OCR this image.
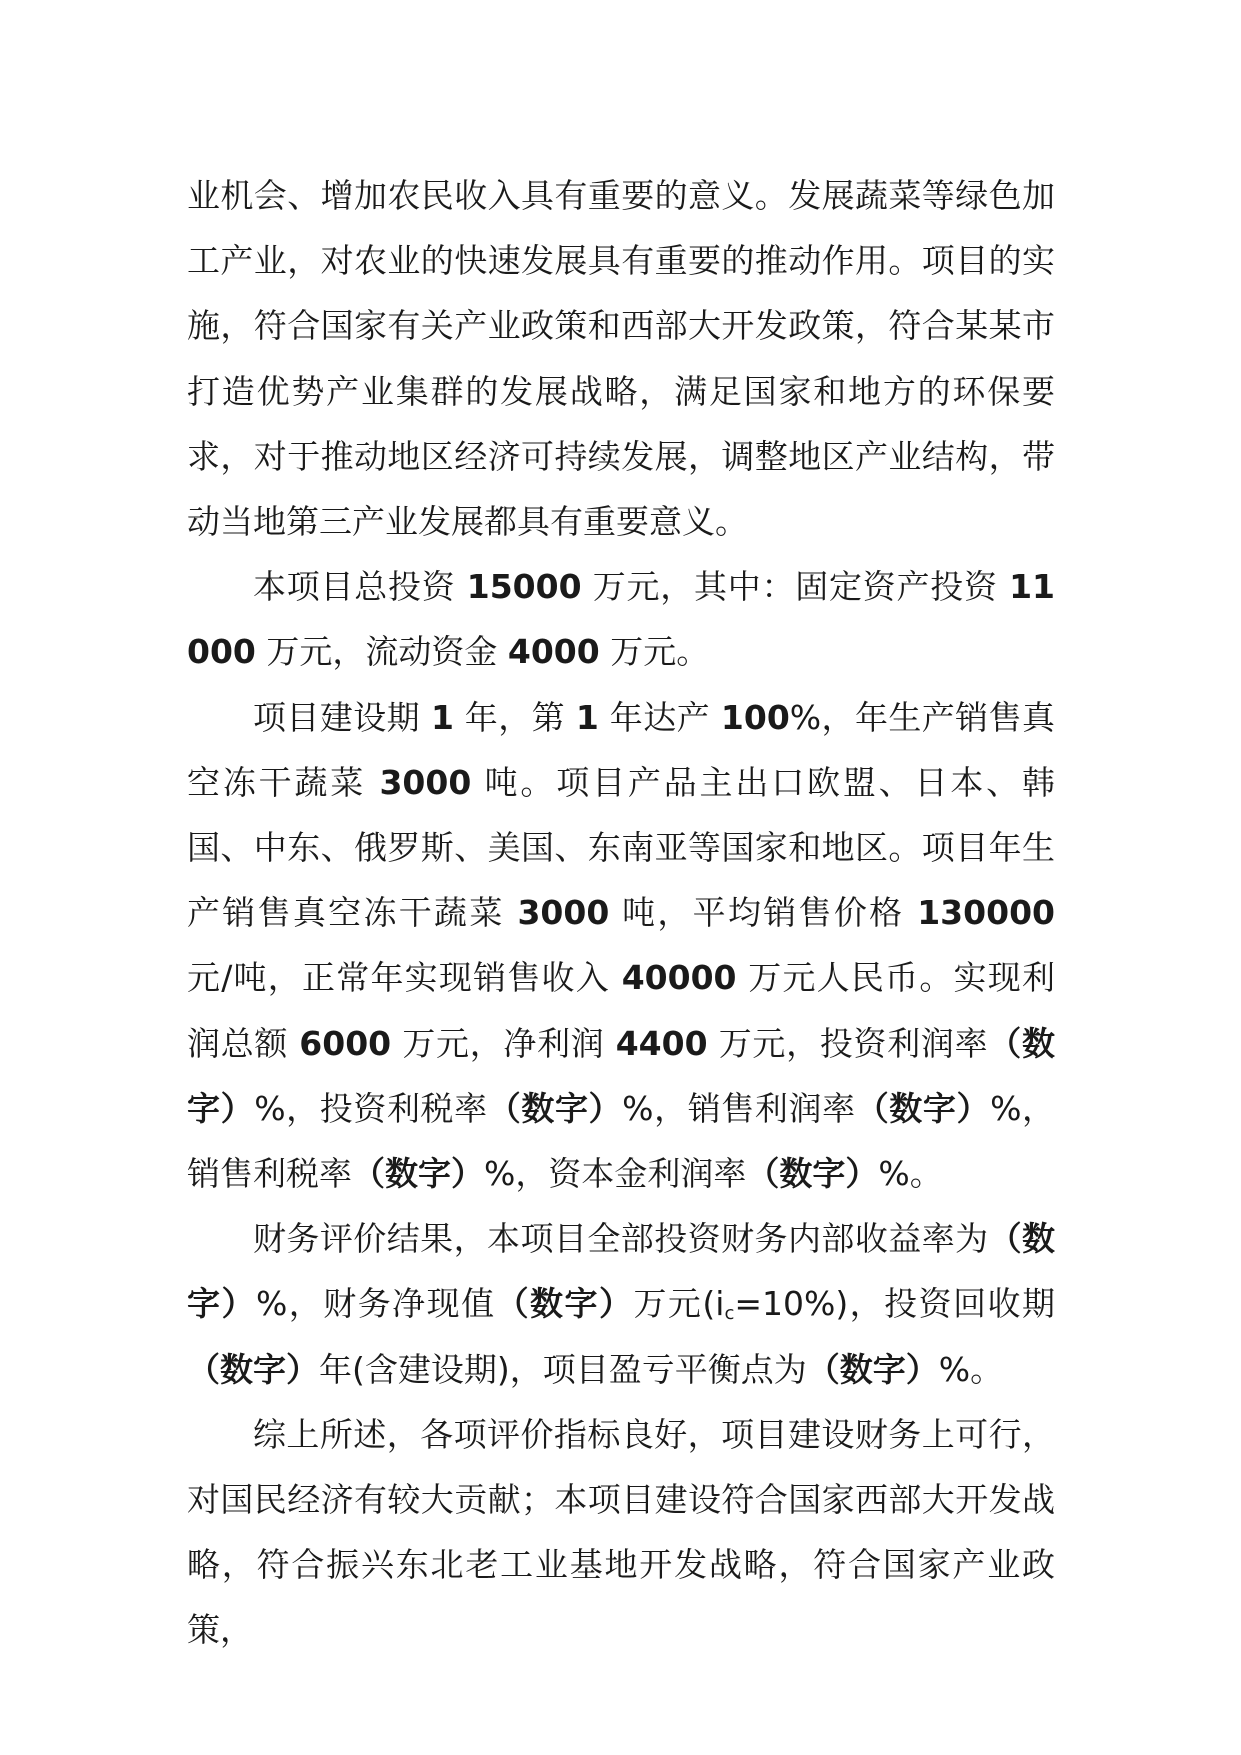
业机会、增加农民收入具有重要的意义。发展蔬菜等绿色加工产业，对农业的快速发展具有重要的推动作用。项目的实施，符合国家有关产业政策和西部大开发政策，符合某某市打造优势产业集群的发展战略，满足国家和地方的环保要求，对于推动地区经济可持续发展，调整地区产业结构，带动当地第三产业发展都具有重要意义。

本项目总投资 15000 万元，其中：固定资产投资 11000 万元，流动资金 4000 万元。

项目建设期 1 年，第 1 年达产 100%，年生产销售真空冻干蔬菜 3000 吨。项目产品主出口欧盟、日本、韩国、中东、俄罗斯、美国、东南亚等国家和地区。项目年生产销售真空冻干蔬菜 3000 吨，平均销售价格 130000 元/吨，正常年实现销售收入 40000 万元人民币。实现利润总额 6000 万元，净利润 4400 万元，投资利润率（数字）%，投资利税率（数字）%，销售利润率（数字）%，销售利税率（数字）%，资本金利润率（数字）%。

财务评价结果，本项目全部投资财务内部收益率为（数字）%，财务净现值（数字）万元$(i_c=10\%)$，投资回收期（数字）年(含建设期)，项目盈亏平衡点为（数字）%。

综上所述，各项评价指标良好，项目建设财务上可行，对国民经济有较大贡献；本项目建设符合国家西部大开发战略，符合振兴东北老工业基地开发战略，符合国家产业政策，
